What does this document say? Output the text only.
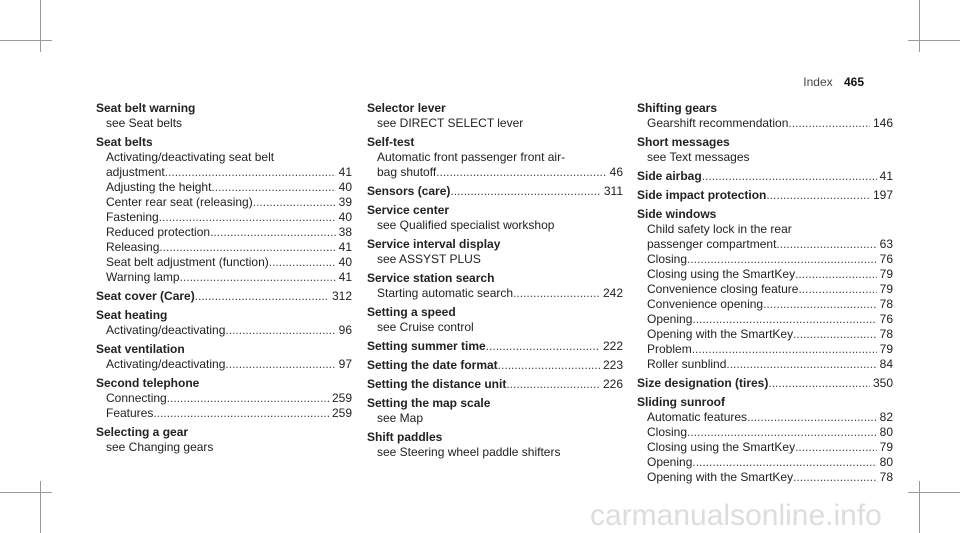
Index 465
Seat belt warning
see Seat belts
Seat belts
Activating/deactivating seat belt
adjustment .....	41
Adjusting the height .....	40
Center rear seat (releasing) .....	39
Fastening .....	40
Reduced protection .....	38
Releasing .....	41
Seat belt adjustment (function) .....	40
Warning lamp .....	41
Seat cover (Care) .....	312
Seat heating
Activating/deactivating .....	96
Seat ventilation
Activating/deactivating .....	97
Second telephone
Connecting .....	259
Features .....	259
Selecting a gear
see Changing gears
Selector lever
see DIRECT SELECT lever
Self-test
Automatic front passenger front air-
bag shutoff .....	46
Sensors (care) .....	311
Service center
see Qualified specialist workshop
Service interval display
see ASSYST PLUS
Service station search
Starting automatic search .....	242
Setting a speed
see Cruise control
Setting summer time .....	222
Setting the date format .....	223
Setting the distance unit .....	226
Setting the map scale
see Map
Shift paddles
see Steering wheel paddle shifters
Shifting gears
Gearshift recommendation .....	146
Short messages
see Text messages
Side airbag .....	41
Side impact protection .....	197
Side windows
Child safety lock in the rear
passenger compartment .....	63
Closing .....	76
Closing using the SmartKey .....	79
Convenience closing feature .....	79
Convenience opening .....	78
Opening .....	76
Opening with the SmartKey .....	78
Problem .....	79
Roller sunblind .....	84
Size designation (tires) .....	350
Sliding sunroof
Automatic features .....	82
Closing .....	80
Closing using the SmartKey .....	79
Opening .....	80
Opening with the SmartKey .....	78
carmanualsonline.info
